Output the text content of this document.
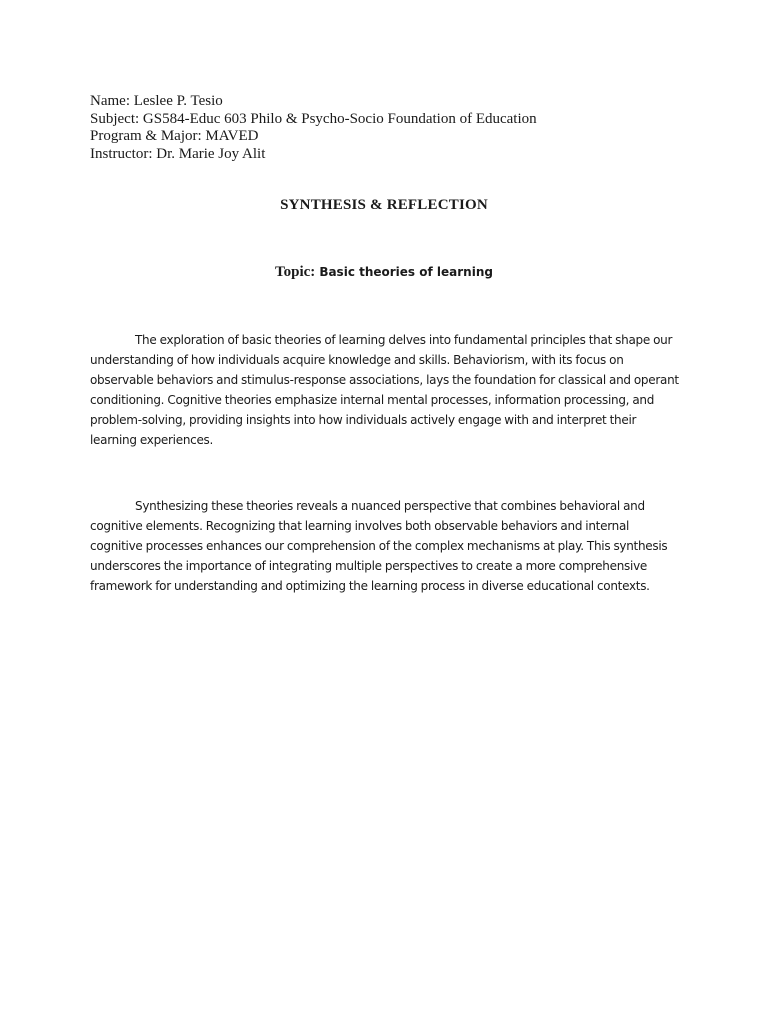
Name: Leslee P. Tesio
Subject: GS584-Educ 603 Philo & Psycho-Socio Foundation of Education
Program & Major: MAVED
Instructor: Dr. Marie Joy Alit
SYNTHESIS & REFLECTION
Topic: Basic theories of learning

The exploration of basic theories of learning delves into fundamental principles that shape our understanding of how individuals acquire knowledge and skills. Behaviorism, with its focus on observable behaviors and stimulus-response associations, lays the foundation for classical and operant conditioning. Cognitive theories emphasize internal mental processes, information processing, and problem-solving, providing insights into how individuals actively engage with and interpret their learning experiences.

Synthesizing these theories reveals a nuanced perspective that combines behavioral and cognitive elements. Recognizing that learning involves both observable behaviors and internal cognitive processes enhances our comprehension of the complex mechanisms at play. This synthesis underscores the importance of integrating multiple perspectives to create a more comprehensive framework for understanding and optimizing the learning process in diverse educational contexts.
